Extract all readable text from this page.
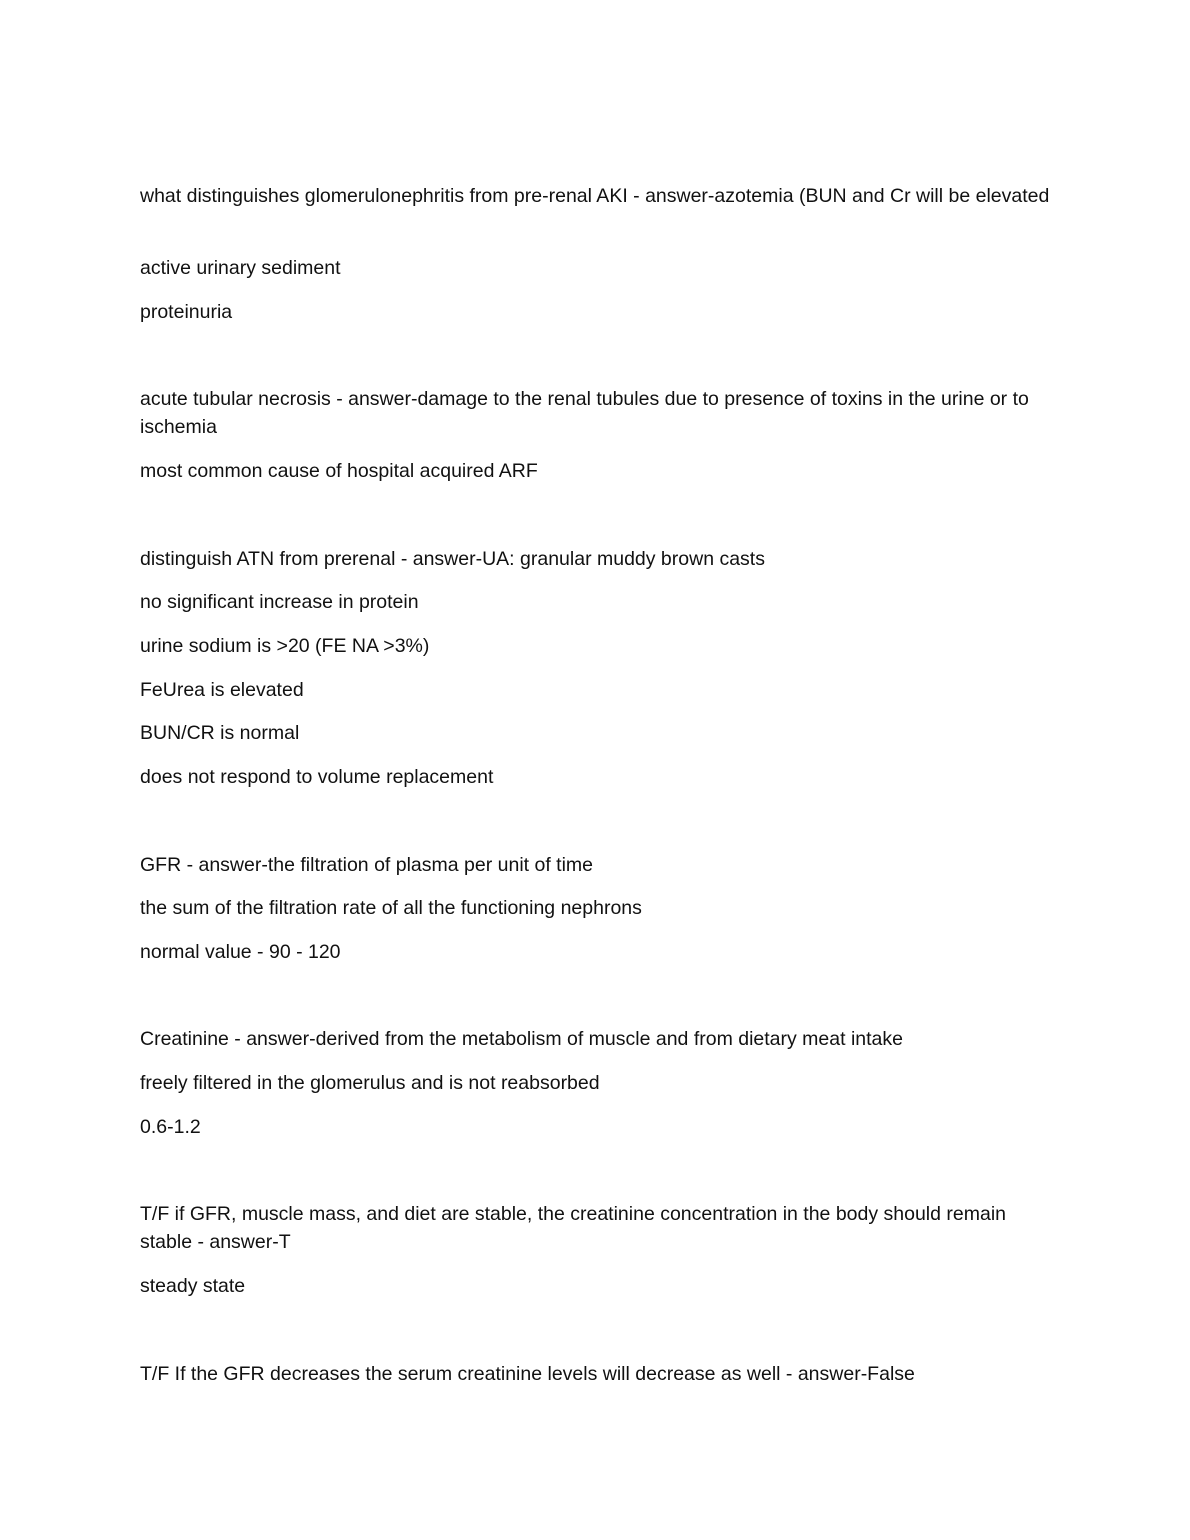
what distinguishes glomerulonephritis from pre-renal AKI - answer-azotemia (BUN and Cr will be elevated
active urinary sediment
proteinuria
acute tubular necrosis - answer-damage to the renal tubules due to presence of toxins in the urine or to ischemia
most common cause of hospital acquired ARF
distinguish ATN from prerenal - answer-UA: granular muddy brown casts
no significant increase in protein
urine sodium is >20 (FE NA >3%)
FeUrea is elevated
BUN/CR is normal
does not respond to volume replacement
GFR - answer-the filtration of plasma per unit of time
the sum of the filtration rate of all the functioning nephrons
normal value - 90 - 120
Creatinine - answer-derived from the metabolism of muscle and from dietary meat intake
freely filtered in the glomerulus and is not reabsorbed
0.6-1.2
T/F if GFR, muscle mass, and diet are stable, the creatinine concentration in the body should remain stable - answer-T
steady state
T/F If the GFR decreases the serum creatinine levels will decrease as well - answer-False
